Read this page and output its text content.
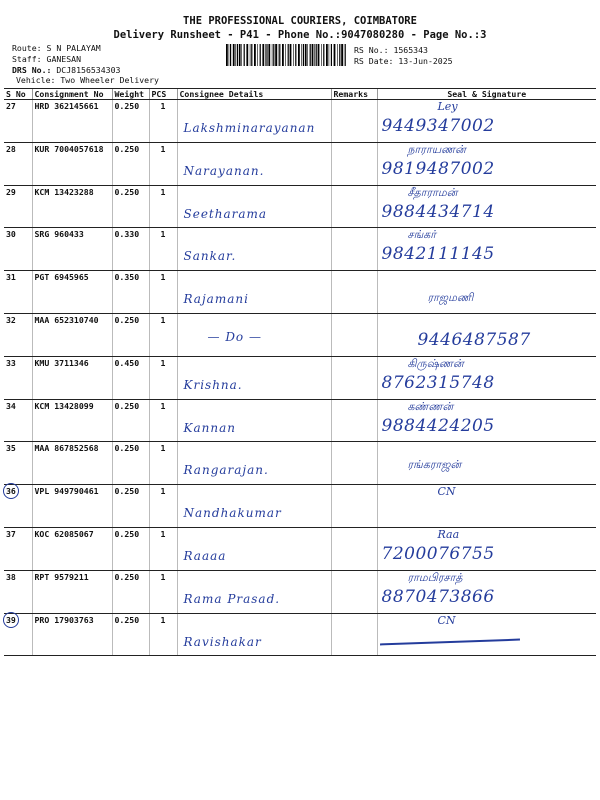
THE PROFESSIONAL COURIERS, COIMBATORE
Delivery Runsheet - P41 - Phone No.:9047080280 - Page No.:3
Route: S N PALAYAM
Staff: GANESAN
DRS No.: DCJ8156534303
Vehicle: Two Wheeler Delivery
RS No.: 1565343
RS Date: 13-Jun-2025
S No	Consignment No	Weight	PCS	Consignee Details	Remarks	Seal & Signature
27	HRD 362145661	0.250	1	Lakshminarayanan		Ley
9449347002

28	KUR 7004057618	0.250	1	Narayanan.		நாராயணன்
9819487002

29	KCM 13423288	0.250	1	Seetharama		சீதாராமன்
9884434714

30	SRG 960433	0.330	1	Sankar.		சங்கர்
9842111145

31	PGT 6945965	0.350	1	Rajamani		ராஜமணி

32	MAA 652310740	0.250	1	— Do —		9446487587

33	KMU 3711346	0.450	1	Krishna.		கிருஷ்ணன்
8762315748

34	KCM 13428099	0.250	1	Kannan		கண்ணன்
9884424205

35	MAA 867852568	0.250	1	Rangarajan.		ரங்கராஜன்

36	VPL 949790461	0.250	1	Nandhakumar		CN

37	KOC 62085067	0.250	1	Raaaa		Raa
7200076755

38	RPT 9579211	0.250	1	Rama Prasad.		ராமபிரசாத்
8870473866

39	PRO 17903763	0.250	1	Ravishakar		CN
